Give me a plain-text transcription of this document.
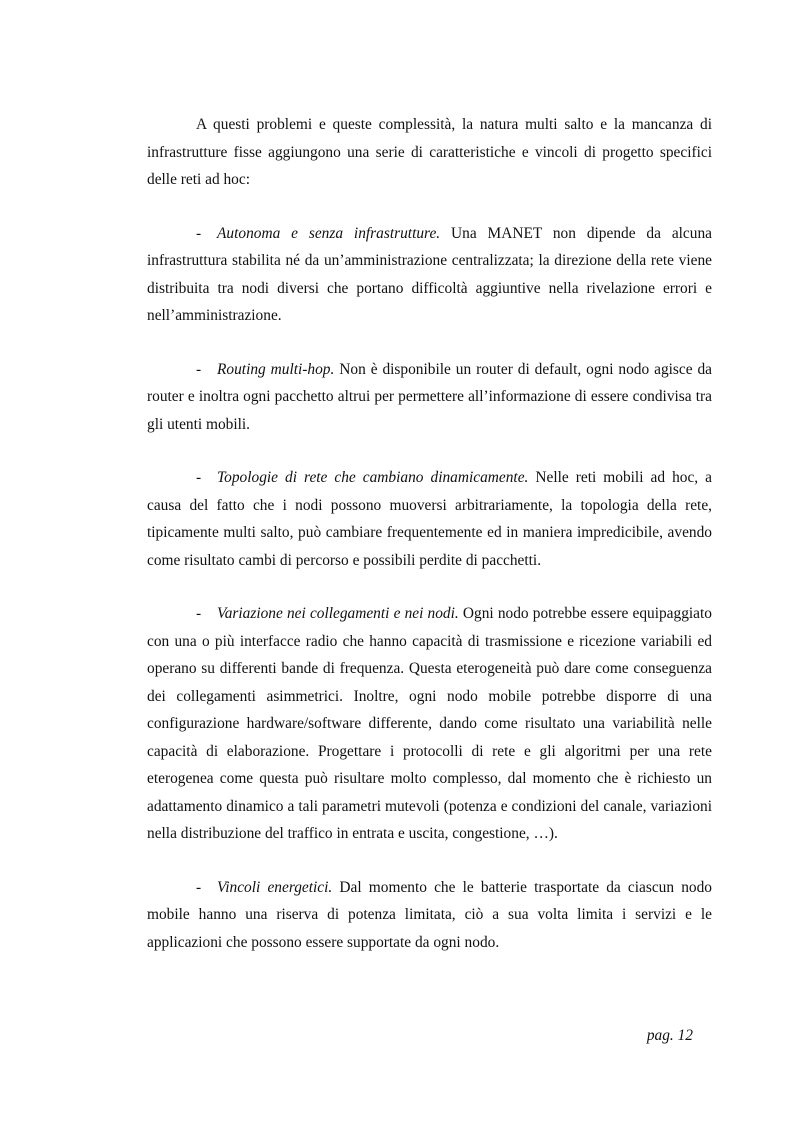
A questi problemi e queste complessità, la natura multi salto e la mancanza di infrastrutture fisse aggiungono una serie di caratteristiche e vincoli di progetto specifici delle reti ad hoc:

- Autonoma e senza infrastrutture. Una MANET non dipende da alcuna infrastruttura stabilita né da un’amministrazione centralizzata; la direzione della rete viene distribuita tra nodi diversi che portano difficoltà aggiuntive nella rivelazione errori e nell’amministrazione.

- Routing multi-hop. Non è disponibile un router di default, ogni nodo agisce da router e inoltra ogni pacchetto altrui per permettere all’informazione di essere condivisa tra gli utenti mobili.

- Topologie di rete che cambiano dinamicamente. Nelle reti mobili ad hoc, a causa del fatto che i nodi possono muoversi arbitrariamente, la topologia della rete, tipicamente multi salto, può cambiare frequentemente ed in maniera impredicibile, avendo come risultato cambi di percorso e possibili perdite di pacchetti.

- Variazione nei collegamenti e nei nodi. Ogni nodo potrebbe essere equipaggiato con una o più interfacce radio che hanno capacità di trasmissione e ricezione variabili ed operano su differenti bande di frequenza. Questa eterogeneità può dare come conseguenza dei collegamenti asimmetrici. Inoltre, ogni nodo mobile potrebbe disporre di una configurazione hardware/software differente, dando come risultato una variabilità nelle capacità di elaborazione. Progettare i protocolli di rete e gli algoritmi per una rete eterogenea come questa può risultare molto complesso, dal momento che è richiesto un adattamento dinamico a tali parametri mutevoli (potenza e condizioni del canale, variazioni nella distribuzione del traffico in entrata e uscita, congestione, …).

- Vincoli energetici. Dal momento che le batterie trasportate da ciascun nodo mobile hanno una riserva di potenza limitata, ciò a sua volta limita i servizi e le applicazioni che possono essere supportate da ogni nodo.

pag. 12
